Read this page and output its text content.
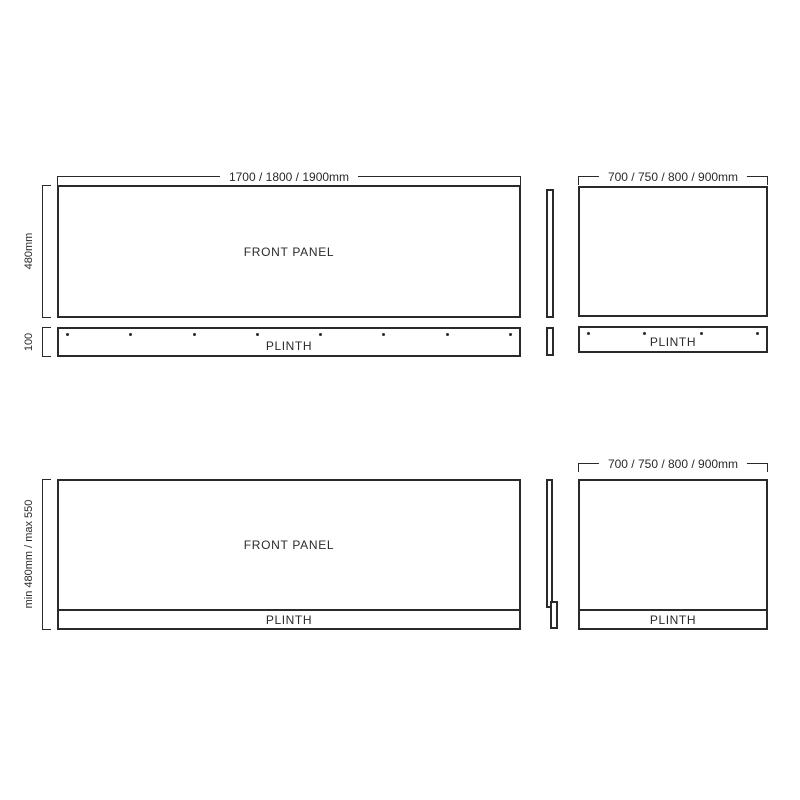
1700 / 1800 / 1900mm
FRONT PANEL
480mm
PLINTH
100
700 / 750 / 800 / 900mm
PLINTH
FRONT PANEL
PLINTH
min 480mm / max 550
700 / 750 / 800 / 900mm
PLINTH
